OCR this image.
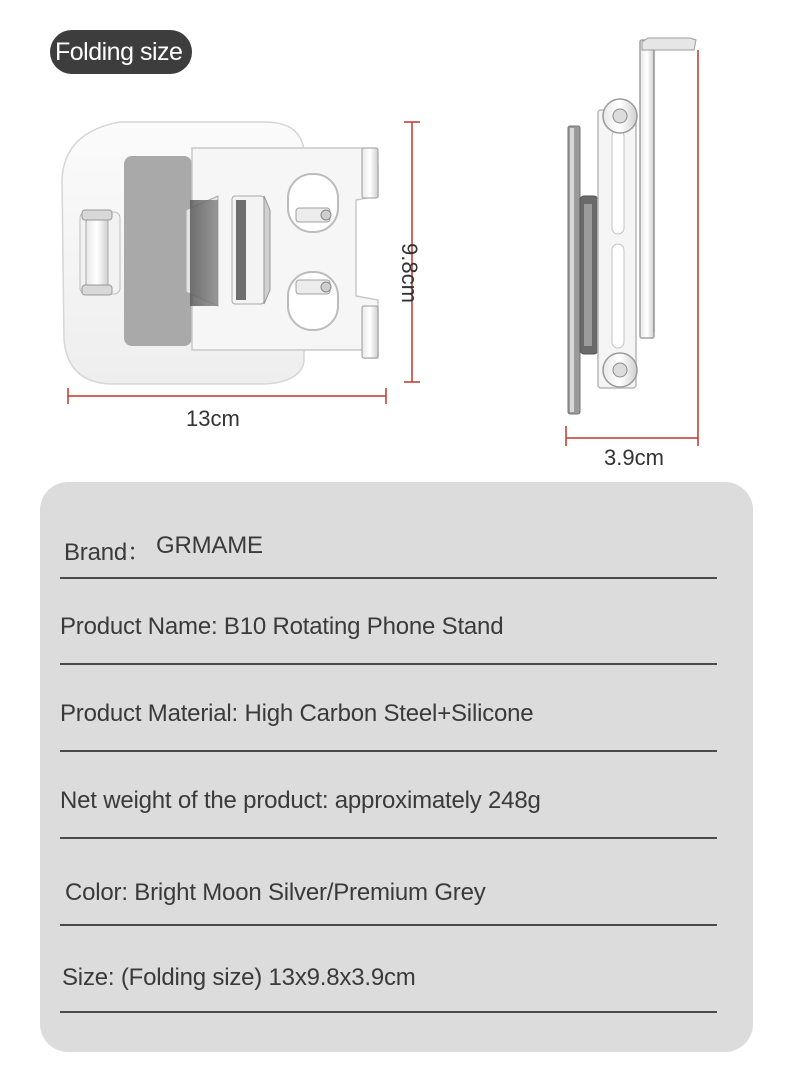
Folding size
13cm
9.8cm
3.9cm
Brand： GRMAME
Product Name: B10 Rotating Phone Stand
Product Material: High Carbon Steel+Silicone
Net weight of the product: approximately 248g
Color: Bright Moon Silver/Premium Grey
Size: (Folding size) 13x9.8x3.9cm
